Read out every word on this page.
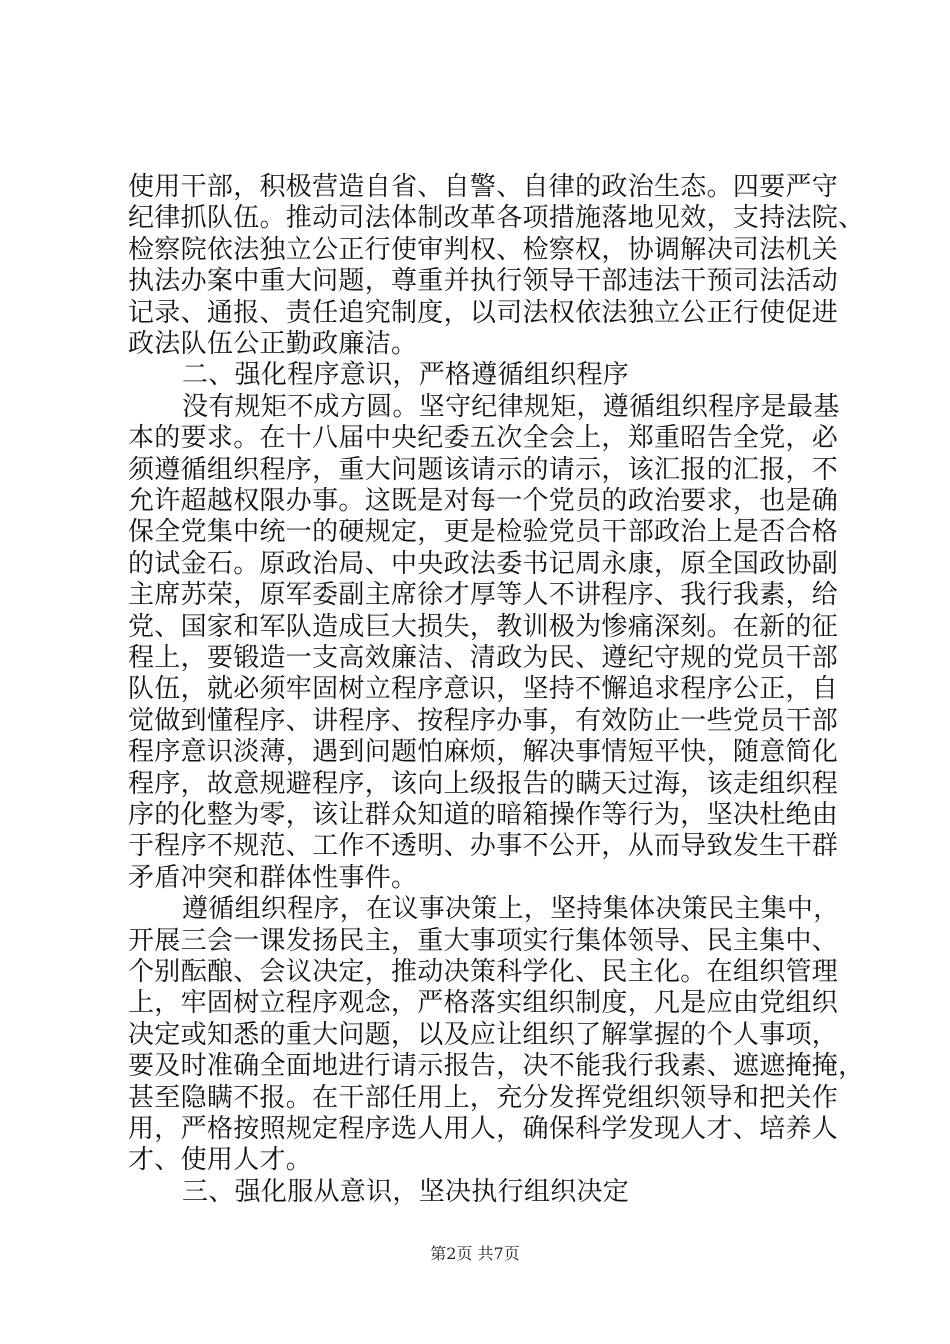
使用干部，积极营造自省、自警、自律的政治生态。四要严守
纪律抓队伍。推动司法体制改革各项措施落地见效，支持法院、
检察院依法独立公正行使审判权、检察权，协调解决司法机关
执法办案中重大问题，尊重并执行领导干部违法干预司法活动
记录、通报、责任追究制度，以司法权依法独立公正行使促进
政法队伍公正勤政廉洁。
二、强化程序意识，严格遵循组织程序
没有规矩不成方圆。坚守纪律规矩，遵循组织程序是最基
本的要求。在十八届中央纪委五次全会上，郑重昭告全党，必
须遵循组织程序，重大问题该请示的请示，该汇报的汇报，不
允许超越权限办事。这既是对每一个党员的政治要求，也是确
保全党集中统一的硬规定，更是检验党员干部政治上是否合格
的试金石。原政治局、中央政法委书记周永康，原全国政协副
主席苏荣，原军委副主席徐才厚等人不讲程序、我行我素，给
党、国家和军队造成巨大损失，教训极为惨痛深刻。在新的征
程上，要锻造一支高效廉洁、清政为民、遵纪守规的党员干部
队伍，就必须牢固树立程序意识，坚持不懈追求程序公正，自
觉做到懂程序、讲程序、按程序办事，有效防止一些党员干部
程序意识淡薄，遇到问题怕麻烦，解决事情短平快，随意简化
程序，故意规避程序，该向上级报告的瞒天过海，该走组织程
序的化整为零，该让群众知道的暗箱操作等行为，坚决杜绝由
于程序不规范、工作不透明、办事不公开，从而导致发生干群
矛盾冲突和群体性事件。
遵循组织程序，在议事决策上，坚持集体决策民主集中，
开展三会一课发扬民主，重大事项实行集体领导、民主集中、
个别酝酿、会议决定，推动决策科学化、民主化。在组织管理
上，牢固树立程序观念，严格落实组织制度，凡是应由党组织
决定或知悉的重大问题，以及应让组织了解掌握的个人事项，
要及时准确全面地进行请示报告，决不能我行我素、遮遮掩掩，
甚至隐瞒不报。在干部任用上，充分发挥党组织领导和把关作
用，严格按照规定程序选人用人，确保科学发现人才、培养人
才、使用人才。
三、强化服从意识，坚决执行组织决定
第2页 共7页
